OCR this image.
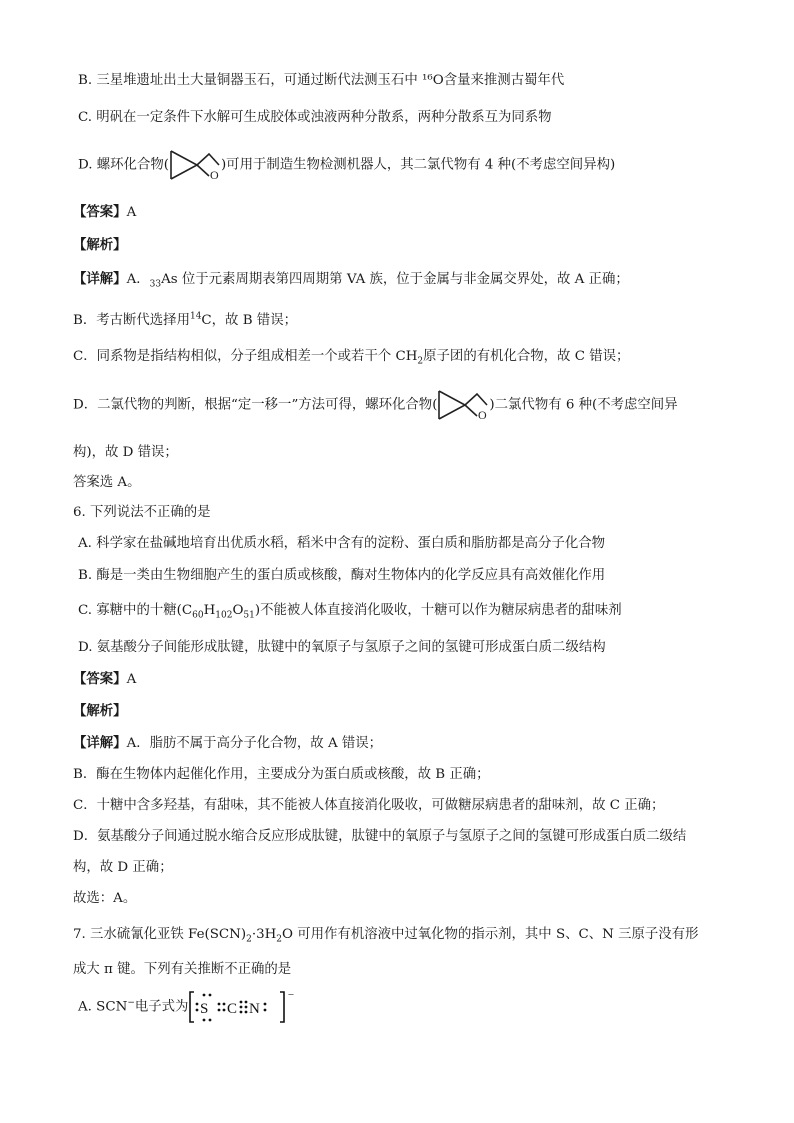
B. 三星堆遗址出土大量铜器玉石，可通过断代法测玉石中 ¹⁶O含量来推测古蜀年代
C. 明矾在一定条件下水解可生成胶体或浊液两种分散系，两种分散系互为同系物
D. 螺环化合物(
O
)可用于制造生物检测机器人，其二氯代物有 4 种(不考虑空间异构)
【答案】A
【解析】
【详解】A．$_{33}$As 位于元素周期表第四周期第 VA 族，位于金属与非金属交界处，故 A 正确；
B．考古断代选择用$^{14}$C，故 B 错误；
C．同系物是指结构相似，分子组成相差一个或若干个 $CH_2$原子团的有机化合物，故 C 错误；
D．二氯代物的判断，根据“定一移一”方法可得，螺环化合物(
O
)二氯代物有 6 种(不考虑空间异
构)，故 D 错误；
答案选 A。
6. 下列说法不正确的是
A. 科学家在盐碱地培育出优质水稻，稻米中含有的淀粉、蛋白质和脂肪都是高分子化合物
B. 酶是一类由生物细胞产生的蛋白质或核酸，酶对生物体内的化学反应具有高效催化作用
C. 寡糖中的十糖$(C_{60}H_{102}O_{51})$不能被人体直接消化吸收，十糖可以作为糖尿病患者的甜味剂
D. 氨基酸分子间能形成肽键，肽键中的氧原子与氢原子之间的氢键可形成蛋白质二级结构
【答案】A
【解析】
【详解】A．脂肪不属于高分子化合物，故 A 错误；
B．酶在生物体内起催化作用，主要成分为蛋白质或核酸，故 B 正确；
C．十糖中含多羟基，有甜味，其不能被人体直接消化吸收，可做糖尿病患者的甜味剂，故 C 正确；
D．氨基酸分子间通过脱水缩合反应形成肽键，肽键中的氧原子与氢原子之间的氢键可形成蛋白质二级结
构，故 D 正确；
故选：A。
7. 三水硫氰化亚铁 $Fe(SCN)_2\cdot 3H_2O$ 可用作有机溶液中过氧化物的指示剂，其中 S、C、N 三原子没有形
成大 π 键。下列有关推断不正确的是
A. SCN−电子式为
−
S C N
